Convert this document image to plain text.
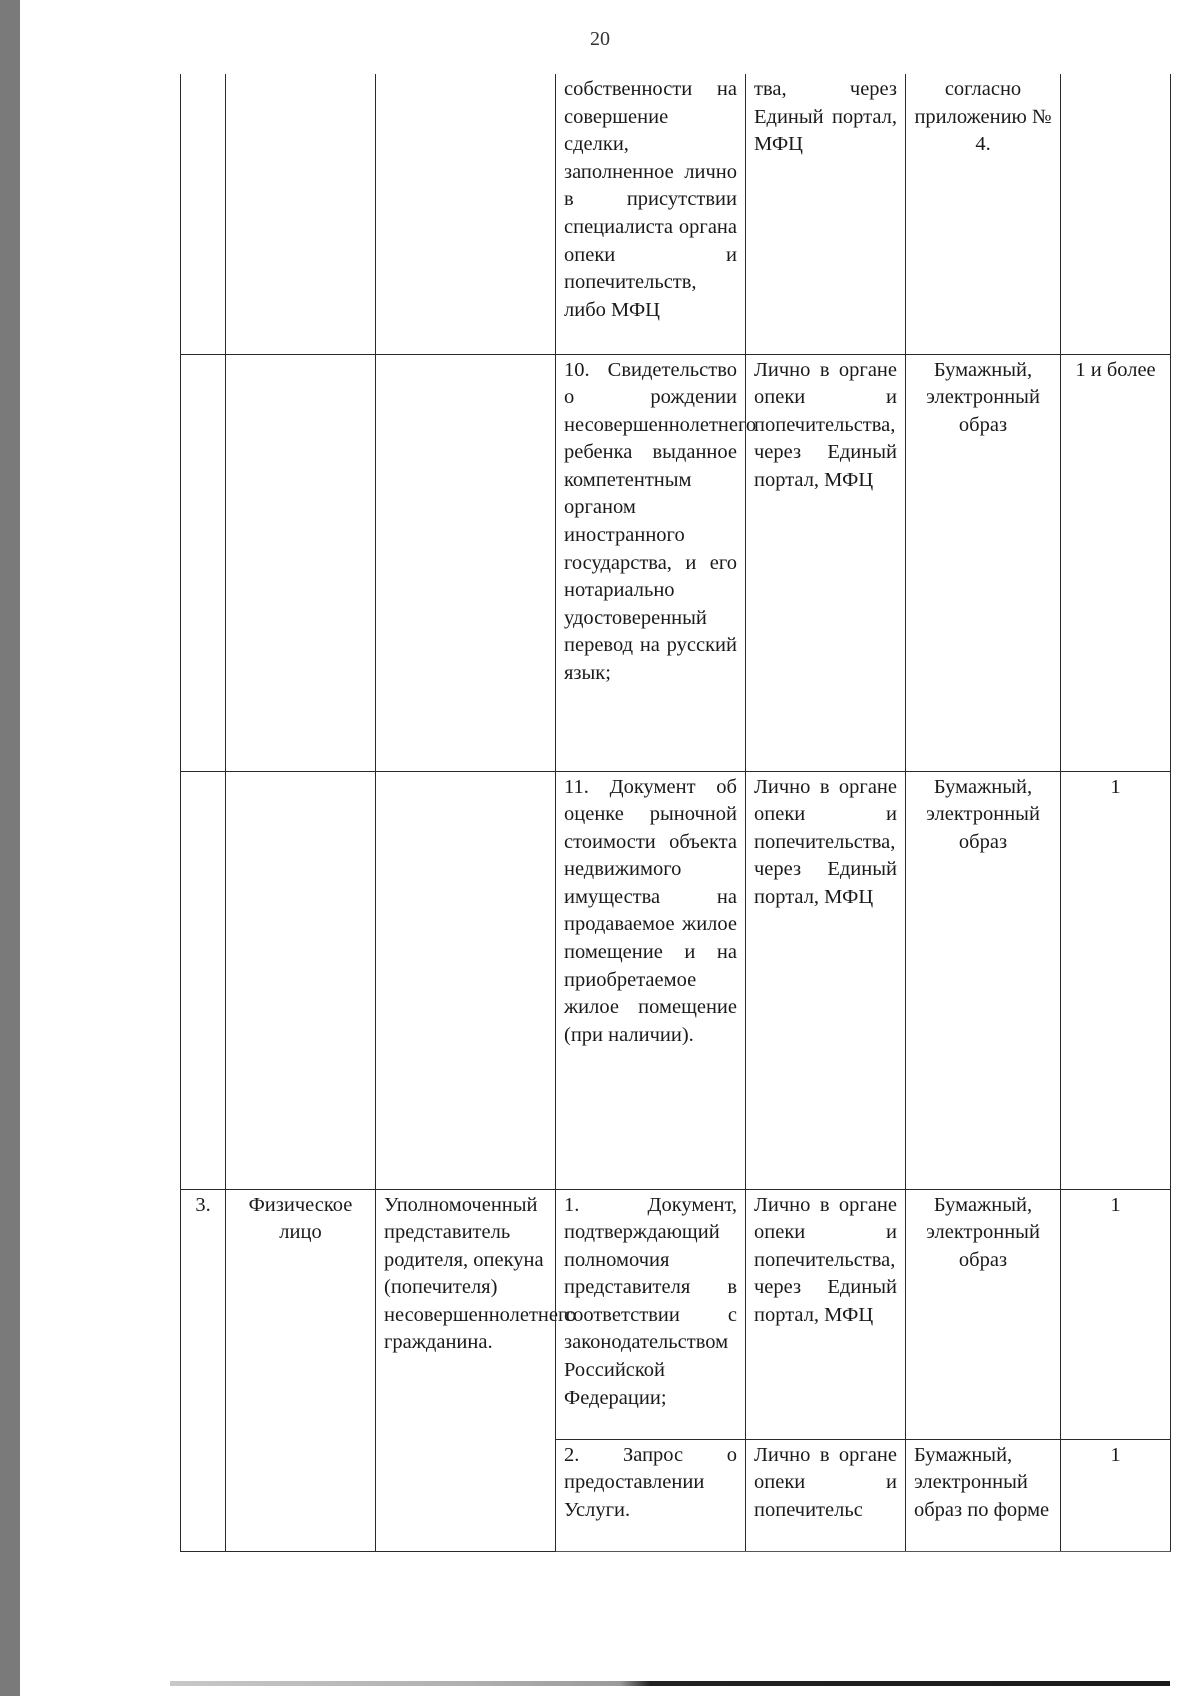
20
			собственности на совершение сделки, заполненное лично в присутствии специалиста органа опеки и попечительств, либо МФЦ	тва, через Единый портал, МФЦ	согласно приложению № 4.	
			10. Свидетельство о рождении несовершеннолетнего ребенка выданное компетентным органом иностранного государства, и его нотариально удостоверенный перевод на русский язык;	Лично в органе опеки и попечительства, через Единый портал, МФЦ	Бумажный, электронный образ	1 и более
			11. Документ об оценке рыночной стоимости объекта недвижимого имущества на продаваемое жилое помещение и на приобретаемое жилое помещение (при наличии).	Лично в органе опеки и попечительства, через Единый портал, МФЦ	Бумажный, электронный образ	1
3.	Физическое лицо	Уполномоченный представитель родителя, опекуна (попечителя) несовершеннолетнего гражданина.	1. Документ, подтверждающий полномочия представителя в соответствии с законодательством Российской Федерации;	Лично в органе опеки и попечительства, через Единый портал, МФЦ	Бумажный, электронный образ	1
			2. Запрос о предоставлении Услуги.	Лично в органе опеки и попечительс	Бумажный, электронный образ по форме	1
